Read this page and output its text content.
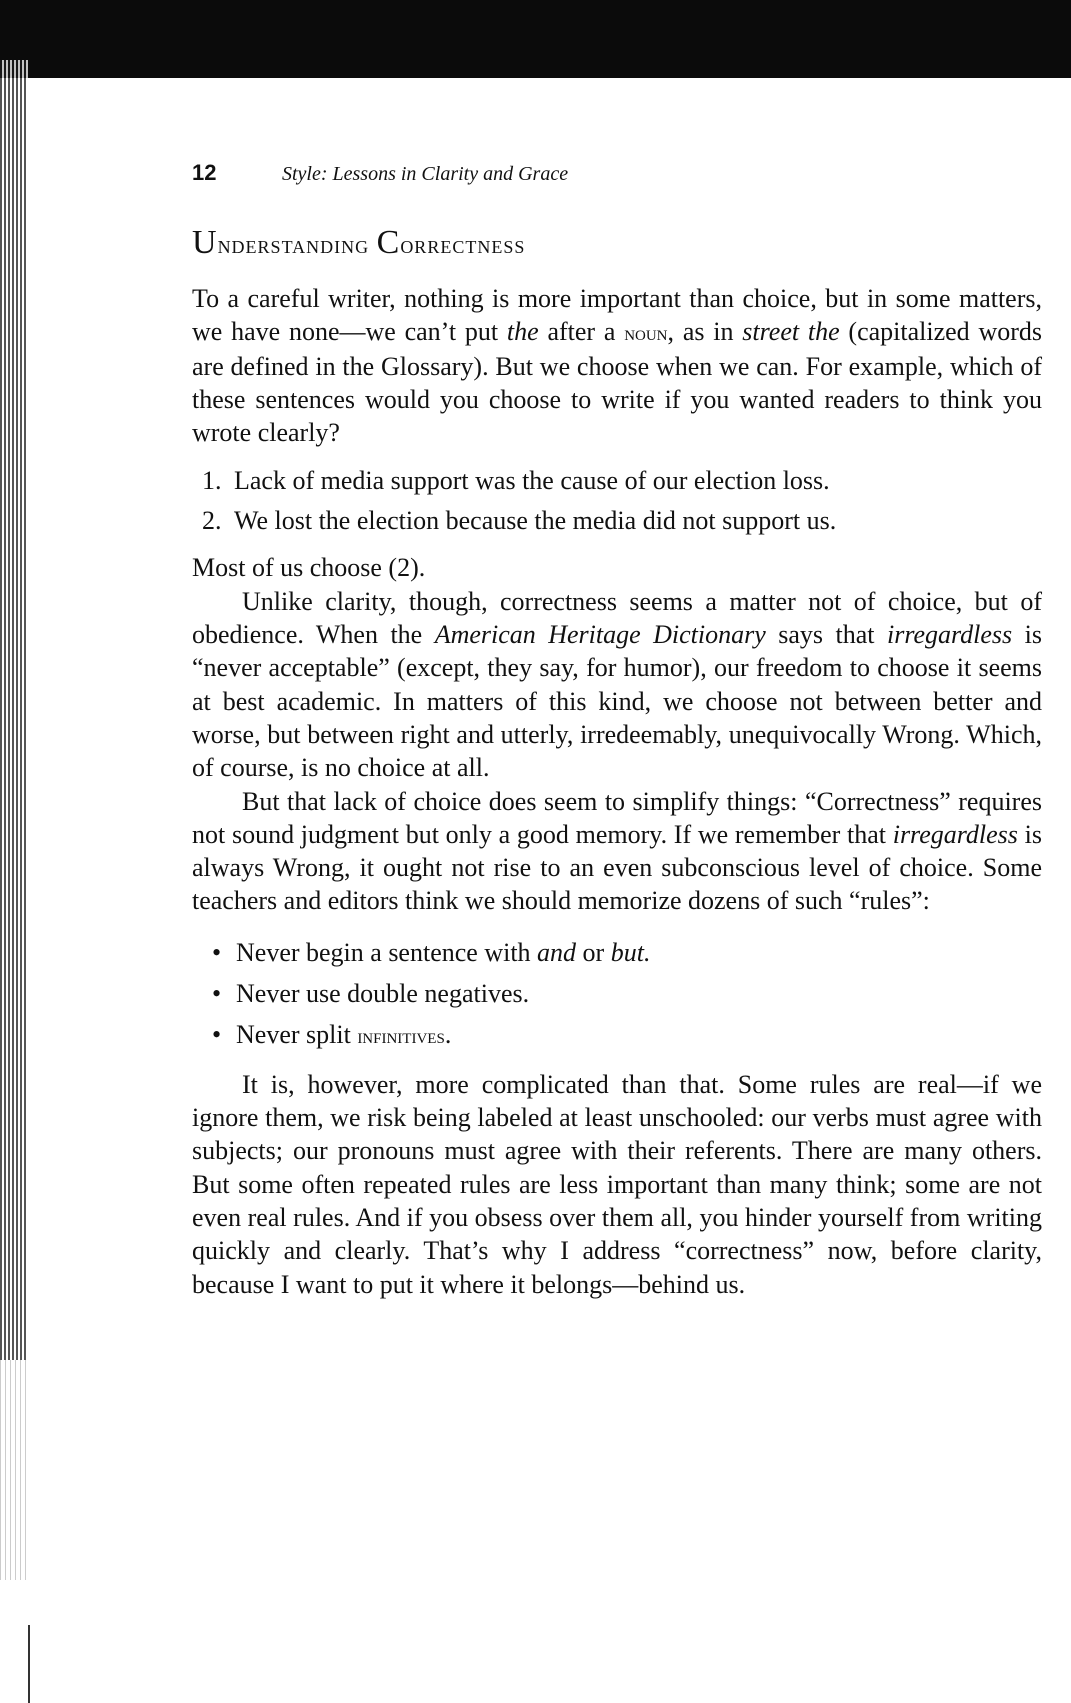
12	Style: Lessons in Clarity and Grace
Understanding Correctness

To a careful writer, nothing is more important than choice, but in some matters, we have none—we can’t put the after a noun, as in street the (capitalized words are defined in the Glossary). But we choose when we can. For example, which of these sentences would you choose to write if you wanted readers to think you wrote clearly?

1. Lack of media support was the cause of our election loss.
2. We lost the election because the media did not support us.

Most of us choose (2).

Unlike clarity, though, correctness seems a matter not of choice, but of obedience. When the American Heritage Dictionary says that irregardless is “never acceptable” (except, they say, for humor), our freedom to choose it seems at best academic. In matters of this kind, we choose not between better and worse, but between right and utterly, irredeemably, unequivocally Wrong. Which, of course, is no choice at all.

But that lack of choice does seem to simplify things: “Correctness” requires not sound judgment but only a good memory. If we remember that irregardless is always Wrong, it ought not rise to an even subconscious level of choice. Some teachers and editors think we should memorize dozens of such “rules”:

• Never begin a sentence with and or but.
• Never use double negatives.
• Never split infinitives.

It is, however, more complicated than that. Some rules are real—if we ignore them, we risk being labeled at least unschooled: our verbs must agree with subjects; our pronouns must agree with their referents. There are many others. But some often repeated rules are less important than many think; some are not even real rules. And if you obsess over them all, you hinder yourself from writing quickly and clearly. That’s why I address “correctness” now, before clarity, because I want to put it where it belongs—behind us.
